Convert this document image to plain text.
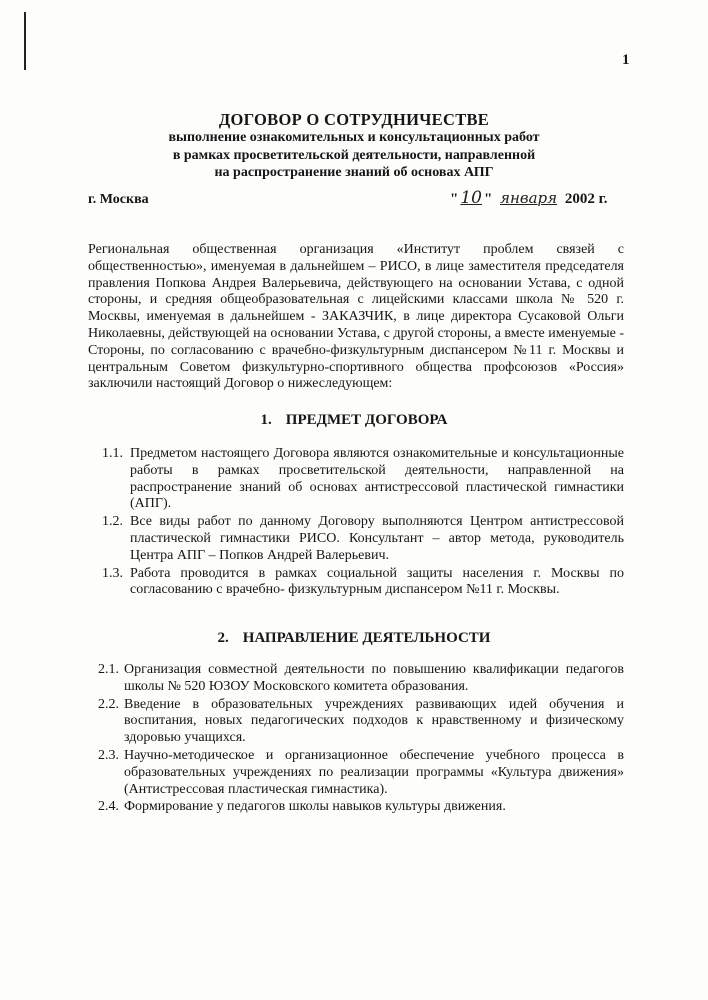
1
ДОГОВОР О СОТРУДНИЧЕСТВЕ
выполнение ознакомительных и консультационных работ
в рамках просветительской деятельности, направленной
на распространение знаний об основах АПГ
г. Москва	" 10 " января 2002 г.
Региональная общественная организация «Институт проблем связей с общественностью», именуемая в дальнейшем – РИСО, в лице заместителя председателя правления Попкова Андрея Валерьевича, действующего на основании Устава, с одной стороны, и средняя общеобразовательная с лицейскими классами школа № 520 г. Москвы, именуемая в дальнейшем - ЗАКАЗЧИК, в лице директора Сусаковой Ольги Николаевны, действующей на основании Устава, с другой стороны, а вместе именуемые - Стороны, по согласованию с врачебно-физкультурным диспансером №11 г. Москвы и центральным Советом физкультурно-спортивного общества профсоюзов «Россия» заключили настоящий Договор о нижеследующем:
1. ПРЕДМЕТ ДОГОВОРА
1.1. Предметом настоящего Договора являются ознакомительные и консультационные работы в рамках просветительской деятельности, направленной на распространение знаний об основах антистрессовой пластической гимнастики (АПГ).
1.2. Все виды работ по данному Договору выполняются Центром антистрессовой пластической гимнастики РИСО. Консультант – автор метода, руководитель Центра АПГ – Попков Андрей Валерьевич.
1.3. Работа проводится в рамках социальной защиты населения г. Москвы по согласованию с врачебно- физкультурным диспансером №11 г. Москвы.
2. НАПРАВЛЕНИЕ ДЕЯТЕЛЬНОСТИ
2.1. Организация совместной деятельности по повышению квалификации педагогов школы № 520 ЮЗОУ Московского комитета образования.
2.2. Введение в образовательных учреждениях развивающих идей обучения и воспитания, новых педагогических подходов к нравственному и физическому здоровью учащихся.
2.3. Научно-методическое и организационное обеспечение учебного процесса в образовательных учреждениях по реализации программы «Культура движения» (Антистрессовая пластическая гимнастика).
2.4. Формирование у педагогов школы навыков культуры движения.
